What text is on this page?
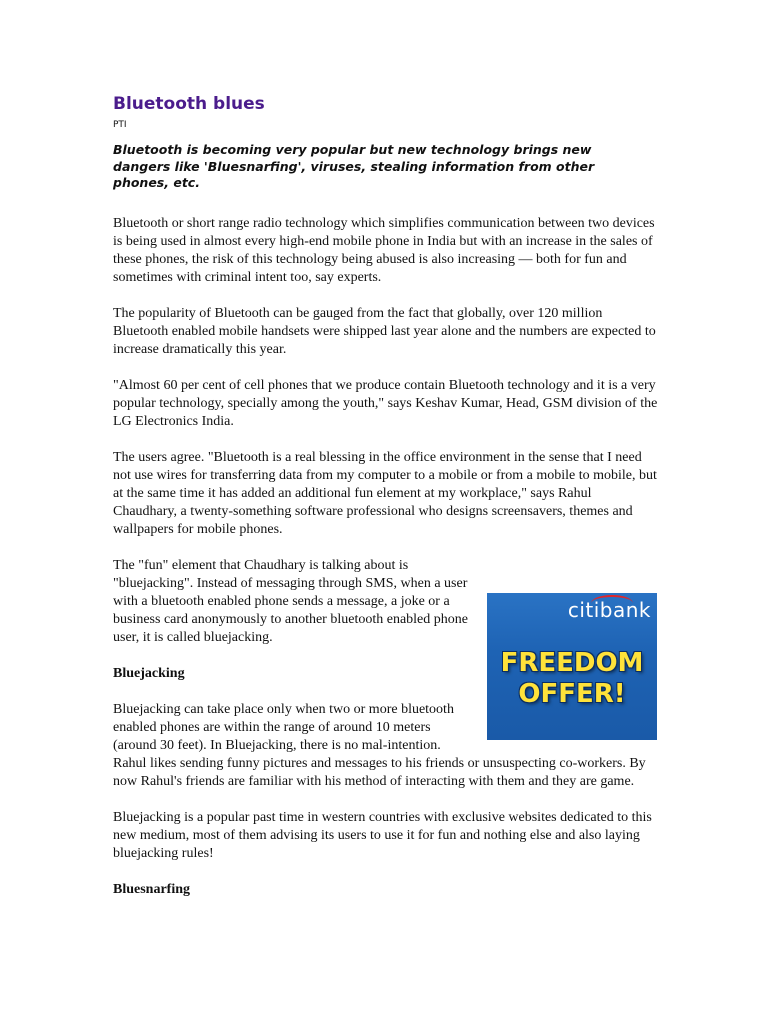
Bluetooth blues
PTI
Bluetooth is becoming very popular but new technology brings new dangers like 'Bluesnarfing', viruses, stealing information from other phones, etc.

Bluetooth or short range radio technology which simplifies communication between two devices is being used in almost every high-end mobile phone in India but with an increase in the sales of these phones, the risk of this technology being abused is also increasing — both for fun and sometimes with criminal intent too, say experts.

The popularity of Bluetooth can be gauged from the fact that globally, over 120 million Bluetooth enabled mobile handsets were shipped last year alone and the numbers are expected to increase dramatically this year.

"Almost 60 per cent of cell phones that we produce contain Bluetooth technology and it is a very popular technology, specially among the youth," says Keshav Kumar, Head, GSM division of the LG Electronics India.

The users agree. "Bluetooth is a real blessing in the office environment in the sense that I need not use wires for transferring data from my computer to a mobile or from a mobile to mobile, but at the same time it has added an additional fun element at my workplace," says Rahul Chaudhary, a twenty-something software professional who designs screensavers, themes and wallpapers for mobile phones.

citibank
FREEDOM
OFFER!

The "fun" element that Chaudhary is talking about is "bluejacking". Instead of messaging through SMS, when a user with a bluetooth enabled phone sends a message, a joke or a business card anonymously to another bluetooth enabled phone user, it is called bluejacking.

Bluejacking

Bluejacking can take place only when two or more bluetooth enabled phones are within the range of around 10 meters (around 30 feet). In Bluejacking, there is no mal-intention. Rahul likes sending funny pictures and messages to his friends or unsuspecting co-workers. By now Rahul's friends are familiar with his method of interacting with them and they are game.

Bluejacking is a popular past time in western countries with exclusive websites dedicated to this new medium, most of them advising its users to use it for fun and nothing else and also laying bluejacking rules!

Bluesnarfing
